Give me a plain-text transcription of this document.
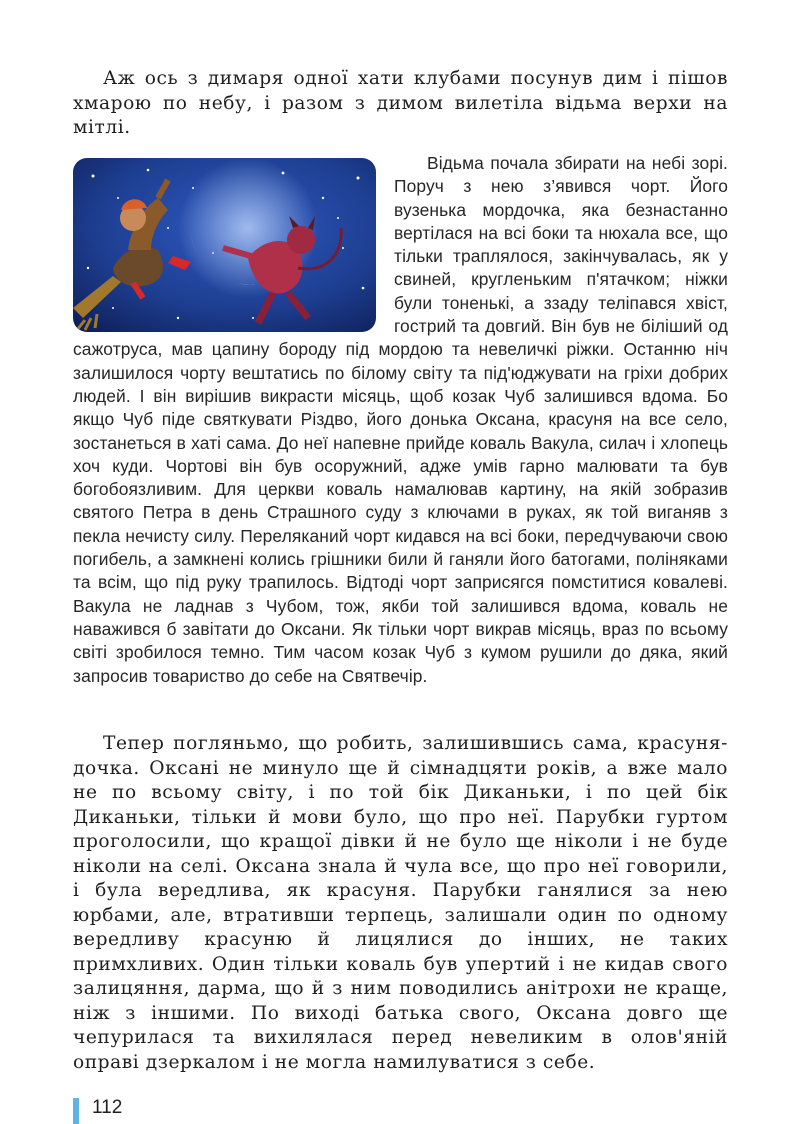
Аж ось з димаря одної хати клубами посунув дим і пішов хмарою по небу, і разом з димом вилетіла відьма верхи на мітлі.

Відьма почала збирати на небі зорі. Поруч з нею з’явився чорт. Його вузенька мордочка, яка безнастанно вертілася на всі боки та нюхала все, що тільки траплялося, закінчувалась, як у свиней, кругленьким п'ятачком; ніжки були тоненькі, а ззаду теліпався хвіст, гострий та довгий. Він був не біліший од сажотруса, мав цапину бороду під мордою та невеличкі ріжки. Останню ніч залишилося чорту вештатись по білому світу та під'юджувати на гріхи добрих людей. І він вирішив викрасти місяць, щоб козак Чуб залишився вдома. Бо якщо Чуб піде святкувати Різдво, його донька Оксана, красуня на все село, зостанеться в хаті сама. До неї напевне прийде коваль Вакула, силач і хлопець хоч куди. Чортові він був осоружний, адже умів гарно малювати та був богобоязливим. Для церкви коваль намалював картину, на якій зобразив святого Петра в день Страшного суду з ключами в руках, як той виганяв з пекла нечисту силу. Переляканий чорт кидався на всі боки, передчуваючи свою погибель, а замкнені колись грішники били й ганяли його батогами, поліняками та всім, що під руку трапилось. Відтоді чорт заприсягся помститися ковалеві. Вакула не ладнав з Чубом, тож, якби той залишився вдома, коваль не наважився б завітати до Оксани. Як тільки чорт викрав місяць, враз по всьому світі зробилося темно. Тим часом козак Чуб з кумом рушили до дяка, який запросив товариство до себе на Святвечір.

Тепер погляньмо, що робить, залишившись сама, красуня-дочка. Оксані не минуло ще й сімнадцяти років, а вже мало не по всьому світу, і по той бік Диканьки, і по цей бік Диканьки, тільки й мови було, що про неї. Парубки гуртом проголосили, що кращої дівки й не було ще ніколи і не буде ніколи на селі. Оксана знала й чула все, що про неї говорили, і була вередлива, як красуня. Парубки ганялися за нею юрбами, але, втративши терпець, залишали один по одному вередливу красуню й лицялися до інших, не таких примхливих. Один тільки коваль був упертий і не кидав свого залицяння, дарма, що й з ним поводились анітрохи не краще, ніж з іншими. По виході батька свого, Оксана довго ще чепурилася та вихилялася перед невеликим в олов'яній оправі дзеркалом і не могла намилуватися з себе.

112
